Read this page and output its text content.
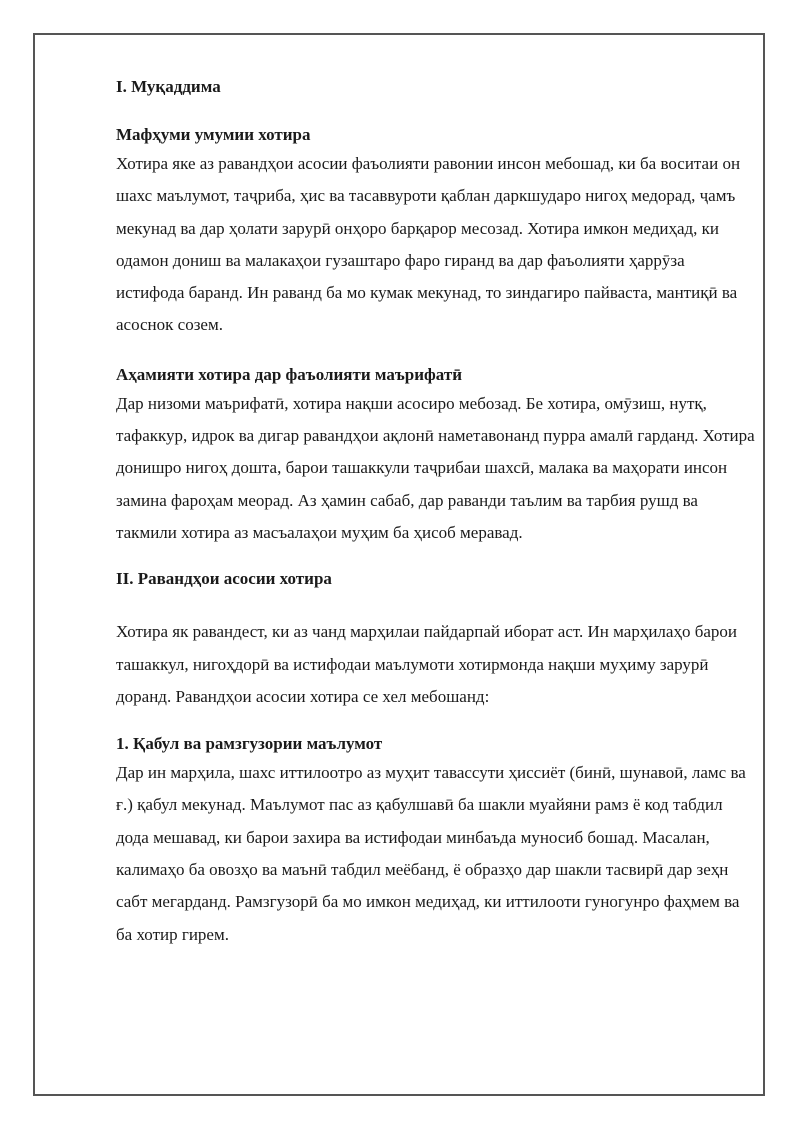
I. Муқаддима

Мафҳуми умумии хотира

Хотира яке аз равандҳои асосии фаъолияти равонии инсон мебошад, ки ба воситаи он шахс маълумот, таҷриба, ҳис ва тасаввуроти қаблан даркшударо нигоҳ медорад, ҷамъ мекунад ва дар ҳолати зарурӣ онҳоро барқарор месозад. Хотира имкон медиҳад, ки одамон дониш ва малакаҳои гузаштаро фаро гиранд ва дар фаъолияти ҳаррӯза истифода баранд. Ин раванд ба мо кумак мекунад, то зиндагиро пайваста, мантиқӣ ва асоснок созем.

Аҳамияти хотира дар фаъолияти маърифатӣ

Дар низоми маърифатӣ, хотира нақши асосиро мебозад. Бе хотира, омӯзиш, нутқ, тафаккур, идрок ва дигар равандҳои ақлонӣ наметавонанд пурра амалӣ гарданд. Хотира донишро нигоҳ дошта, барои ташаккули таҷрибаи шахсӣ, малака ва маҳорати инсон замина фароҳам меорад. Аз ҳамин сабаб, дар раванди таълим ва тарбия рушд ва такмили хотира аз масъалаҳои муҳим ба ҳисоб меравад.

II. Равандҳои асосии хотира

Хотира як равандест, ки аз чанд марҳилаи пайдарпай иборат аст. Ин марҳилаҳо барои ташаккул, нигоҳдорӣ ва истифодаи маълумоти хотирмонда нақши муҳиму зарурӣ доранд. Равандҳои асосии хотира се хел мебошанд:

1. Қабул ва рамзгузории маълумот

Дар ин марҳила, шахс иттилоотро аз муҳит тавассути ҳиссиёт (бинӣ, шунавоӣ, ламс ва ғ.) қабул мекунад. Маълумот пас аз қабулшавӣ ба шакли муайяни рамз ё код табдил дода мешавад, ки барои захира ва истифодаи минбаъда муносиб бошад. Масалан, калимаҳо ба овозҳо ва маънӣ табдил мeёбанд, ё образҳо дар шакли тасвирӣ дар зеҳн сабт мегарданд. Рамзгузорӣ ба мо имкон медиҳад, ки иттилооти гуногунро фаҳмем ва ба хотир гирем.
